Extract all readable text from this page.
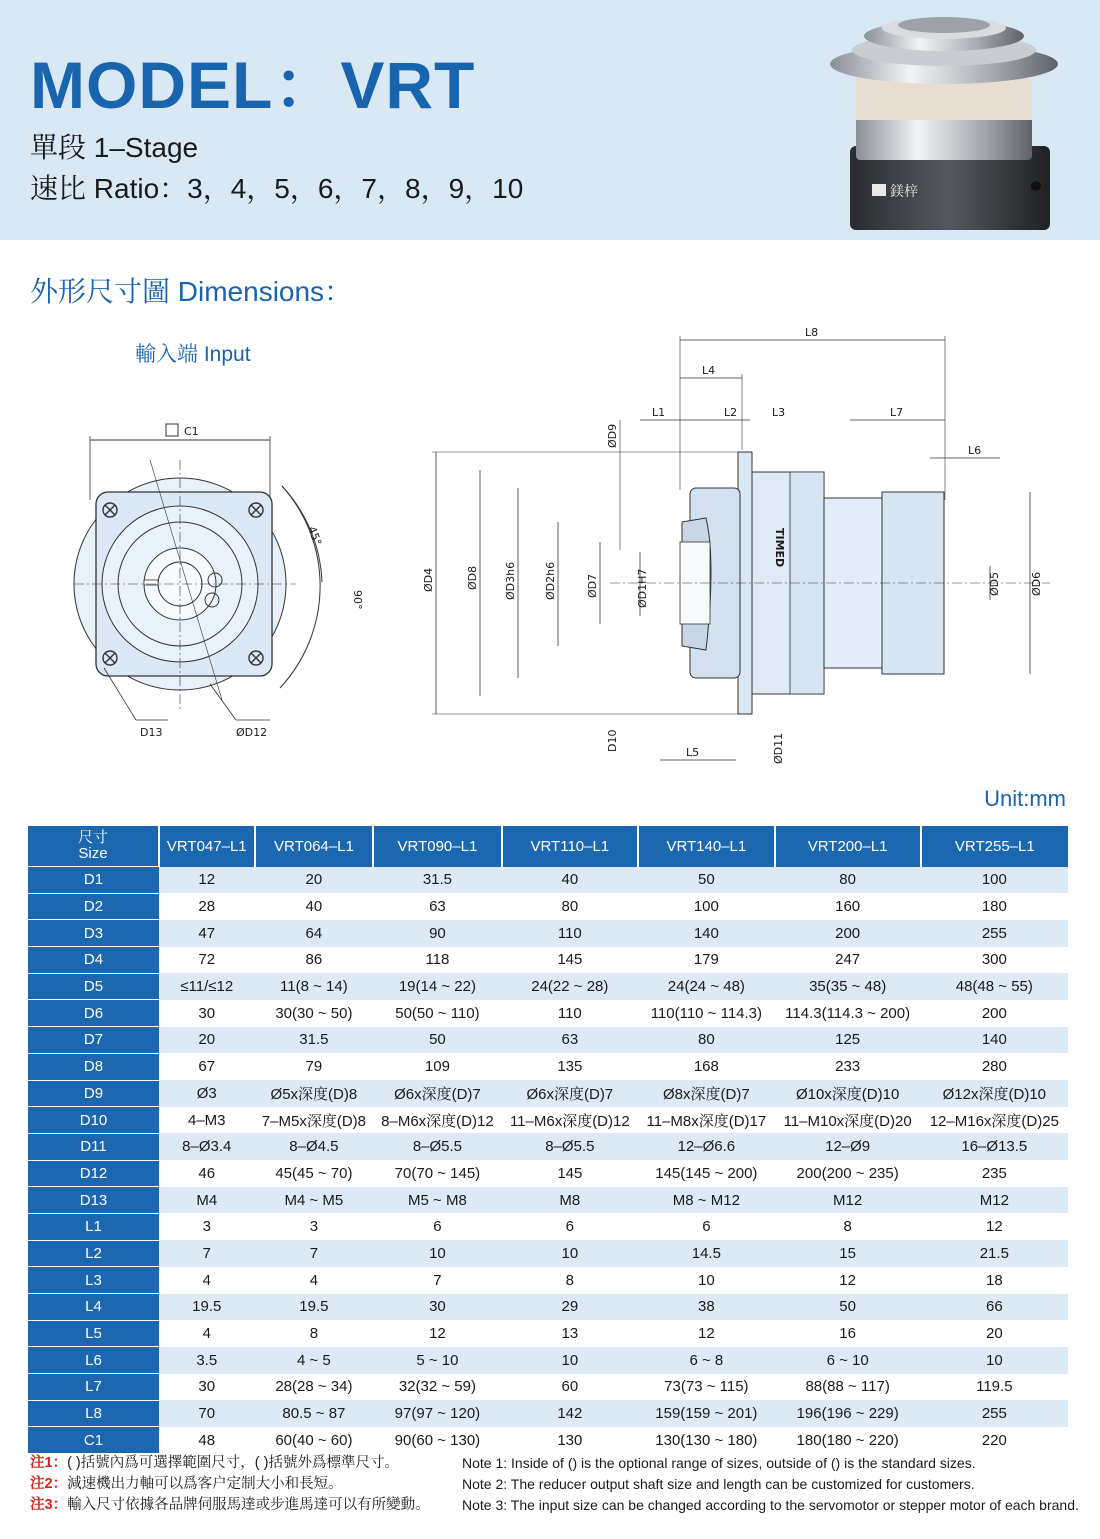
MODEL：VRT
單段 1–Stage
速比 Ratio：3，4，5，6，7，8，9，10	鎂梓
外形尺寸圖 Dimensions：
輸入端 Input
C1
45°
90°
D13	ØD12
L8
L4
L1	L2	L3	L7
L6
TIMED
ØD4	ØD8 ØD3h6 ØD2h6	ØD7	ØD1H7
ØD9
ØD5	ØD6
D10
L5	ØD11
Unit:mm
尺寸
Size	VRT047–L1	VRT064–L1	VRT090–L1	VRT110–L1	VRT140–L1	VRT200–L1	VRT255–L1
D1	12	20	31.5	40	50	80	100
D2	28	40	63	80	100	160	180
D3	47	64	90	110	140	200	255
D4	72	86	118	145	179	247	300
D5	≤11/≤12	11(8 ~ 14)	19(14 ~ 22)	24(22 ~ 28)	24(24 ~ 48)	35(35 ~ 48)	48(48 ~ 55)
D6	30	30(30 ~ 50)	50(50 ~ 110)	110	110(110 ~ 114.3)	114.3(114.3 ~ 200)	200
D7	20	31.5	50	63	80	125	140
D8	67	79	109	135	168	233	280
D9	Ø3	Ø5x深度(D)8	Ø6x深度(D)7	Ø6x深度(D)7	Ø8x深度(D)7	Ø10x深度(D)10	Ø12x深度(D)10
D10	4–M3	7–M5x深度(D)8	8–M6x深度(D)12	11–M6x深度(D)12	11–M8x深度(D)17	11–M10x深度(D)20	12–M16x深度(D)25
D11	8–Ø3.4	8–Ø4.5	8–Ø5.5	8–Ø5.5	12–Ø6.6	12–Ø9	16–Ø13.5
D12	46	45(45 ~ 70)	70(70 ~ 145)	145	145(145 ~ 200)	200(200 ~ 235)	235
D13	M4	M4 ~ M5	M5 ~ M8	M8	M8 ~ M12	M12	M12
L1	3	3	6	6	6	8	12
L2	7	7	10	10	14.5	15	21.5
L3	4	4	7	8	10	12	18
L4	19.5	19.5	30	29	38	50	66
L5	4	8	12	13	12	16	20
L6	3.5	4 ~ 5	5 ~ 10	10	6 ~ 8	6 ~ 10	10
L7	30	28(28 ~ 34)	32(32 ~ 59)	60	73(73 ~ 115)	88(88 ~ 117)	119.5
L8	70	80.5 ~ 87	97(97 ~ 120)	142	159(159 ~ 201)	196(196 ~ 229)	255
C1	48	60(40 ~ 60)	90(60 ~ 130)	130	130(130 ~ 180)	180(180 ~ 220)	220
注1：( )括號內爲可選擇範圍尺寸，( )括號外爲標準尺寸。
注2：減速機出力軸可以爲客户定制大小和長短。
注3：輸入尺寸依據各品牌伺服馬達或步進馬達可以有所變動。
Note 1: Inside of () is the optional range of sizes, outside of () is the standard sizes.
Note 2: The reducer output shaft size and length can be customized for customers.
Note 3: The input size can be changed according to the servomotor or stepper motor of each brand.
